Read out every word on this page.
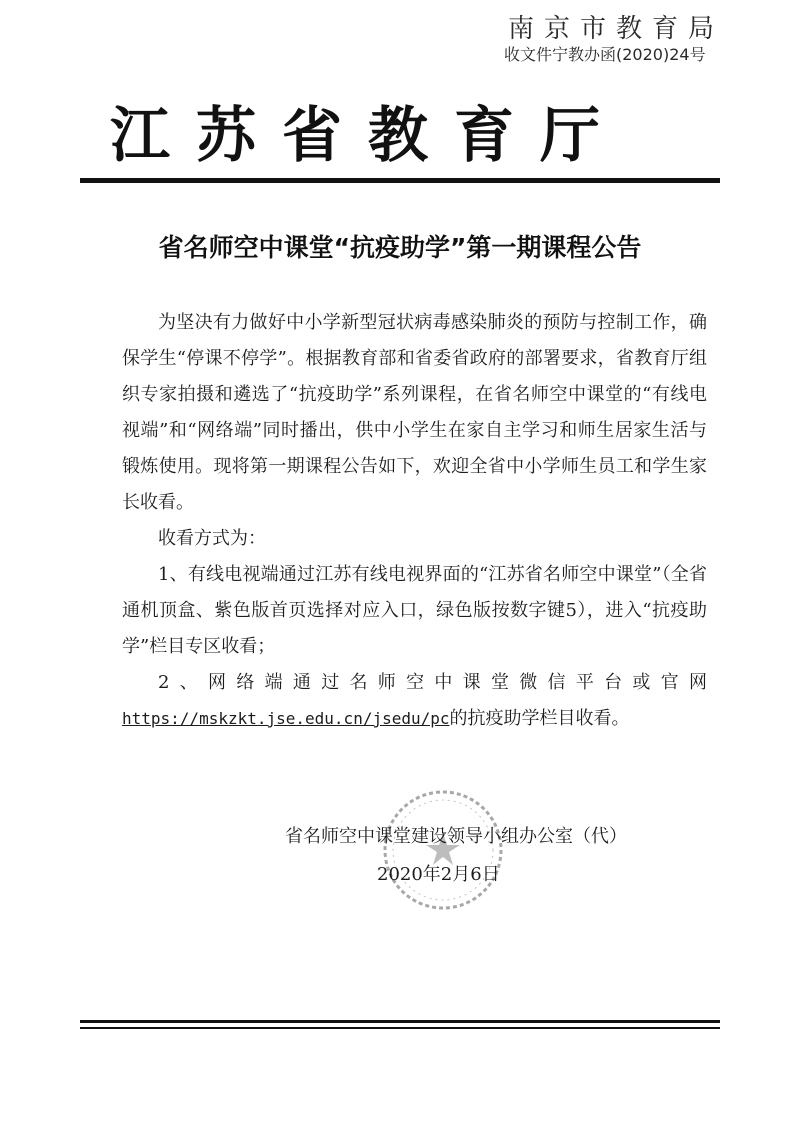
南京市教育局
收文件宁教办函(2020)24号
江苏省教育厅
省名师空中课堂“抗疫助学”第一期课程公告

为坚决有力做好中小学新型冠状病毒感染肺炎的预防与控制工作，确保学生“停课不停学”。根据教育部和省委省政府的部署要求，省教育厅组织专家拍摄和遴选了“抗疫助学”系列课程，在省名师空中课堂的“有线电视端”和“网络端”同时播出，供中小学生在家自主学习和师生居家生活与锻炼使用。现将第一期课程公告如下，欢迎全省中小学师生员工和学生家长收看。

收看方式为：

1、有线电视端通过江苏有线电视界面的“江苏省名师空中课堂”（全省通机顶盒、紫色版首页选择对应入口，绿色版按数字键5），进入“抗疫助学”栏目专区收看；

2、网络端通过名师空中课堂微信平台或官网https://mskzkt.jse.edu.cn/jsedu/pc的抗疫助学栏目收看。

省名师空中课堂建设领导小组办公室（代）
2020年2月6日
